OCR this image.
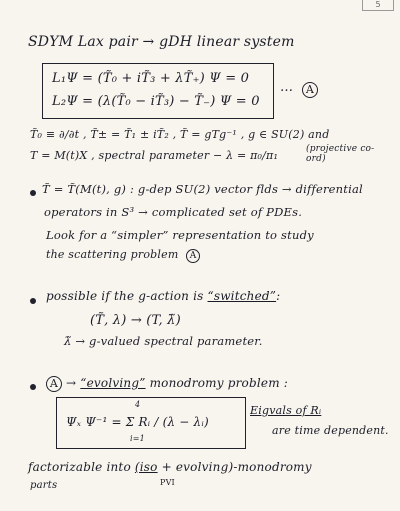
5
SDYM Lax pair → gDH linear system
L₁Ψ = (T̃₀ + iT̃₃ + λT̃₊) Ψ = 0
L₂Ψ = (λ(T̃₀ − iT̃₃) − T̃₋) Ψ = 0
…	A
T̃₀ ≡ ∂/∂t , T̃± = T̃₁ ± iT̃₂ , T̃ = gTg⁻¹ , g ∈ SU(2) and
T = M(t)X , spectral parameter − λ = π₀/π₁	(projective co-ord)
T̃ = T̃(M(t), g) : g-dep SU(2) vector flds → differential
operators in S³ → complicated set of PDEs.
Look for a “simpler” representation to study
the scattering problem A
possible if the g-action is “switched”:
(T̃, λ) → (T, λ̃)
λ̃ → g-valued spectral parameter.
A → “evolving” monodromy problem :
Ψₓ Ψ⁻¹ = Σ Rᵢ / (λ − λᵢ)
4
i=1
Eigvals of Rᵢ
are time dependent.
factorizable into (iso + evolving)-monodromy
parts	PVI
